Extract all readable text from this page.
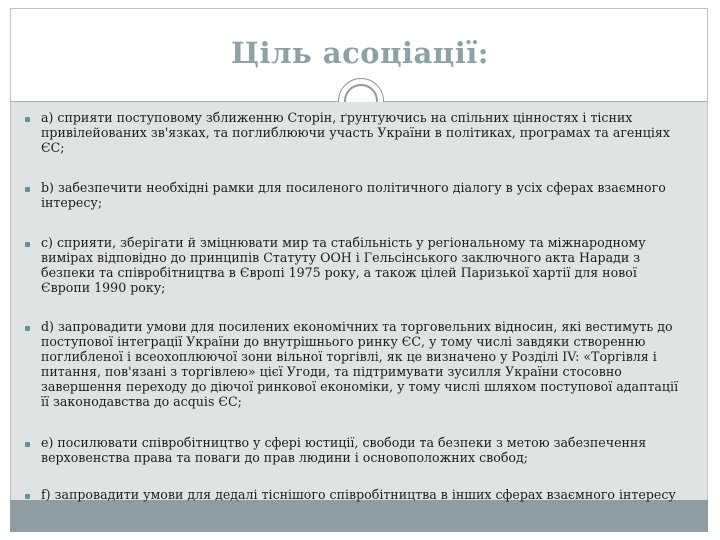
Ціль асоціації:

a) сприяти поступовому зближенню Сторін, ґрунтуючись на спільних цінностях і тісних привілейованих зв'язках, та поглиблюючи участь України в політиках, програмах та агенціях ЄС;

b) забезпечити необхідні рамки для посиленого політичного діалогу в усіх сферах взаємного інтересу;

c) сприяти, зберігати й зміцнювати мир та стабільність у регіональному та міжнародному вимірах відповідно до принципів Статуту ООН і Гельсінського заключного акта Наради з безпеки та співробітництва в Європі 1975 року, а також цілей Паризької хартії для нової Європи 1990 року;

d) запровадити умови для посилених економічних та торговельних відносин, які вестимуть до поступової інтеграції України до внутрішнього ринку ЄС, у тому числі завдяки створенню поглибленої і всеохоплюючої зони вільної торгівлі, як це визначено у Розділі IV: «Торгівля і питання, пов'язані з торгівлею» цієї Угоди, та підтримувати зусилля України стосовно завершення переходу до діючої ринкової економіки, у тому числі шляхом поступової адаптації її законодавства до acquis ЄС;

e) посилювати співробітництво у сфері юстиції, свободи та безпеки з метою забезпечення верховенства права та поваги до прав людини і основоположних свобод;

f) запровадити умови для дедалі тіснішого співробітництва в інших сферах взаємного інтересу
